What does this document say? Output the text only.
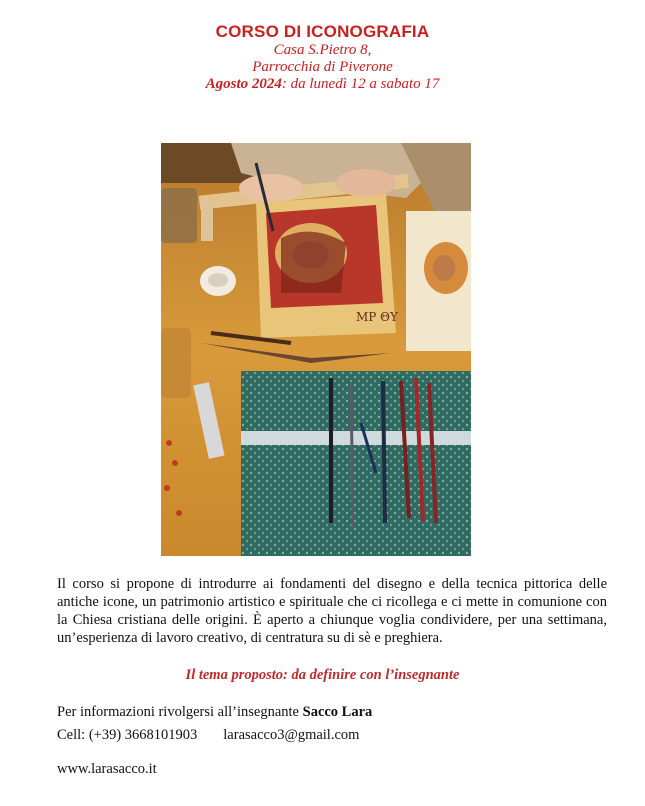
CORSO DI ICONOGRAFIA
Casa S.Pietro 8,
Parrocchia di Piverone
Agosto 2024: da lunedì 12 a sabato 17
ΜΡ ΘΥ

Il corso si propone di introdurre ai fondamenti del disegno e della tecnica pittorica delle antiche icone, un patrimonio artistico e spirituale che ci ricollega e ci mette in comunione con la Chiesa cristiana delle origini. È aperto a chiunque voglia condividere, per una settimana, un’esperienza di lavoro creativo, di centratura su di sè e preghiera.

Il tema proposto: da definire con l’insegnante
Per informazioni rivolgersi all’insegnante Sacco Lara
Cell: (+39) 3668101903 larasacco3@gmail.com
www.larasacco.it
